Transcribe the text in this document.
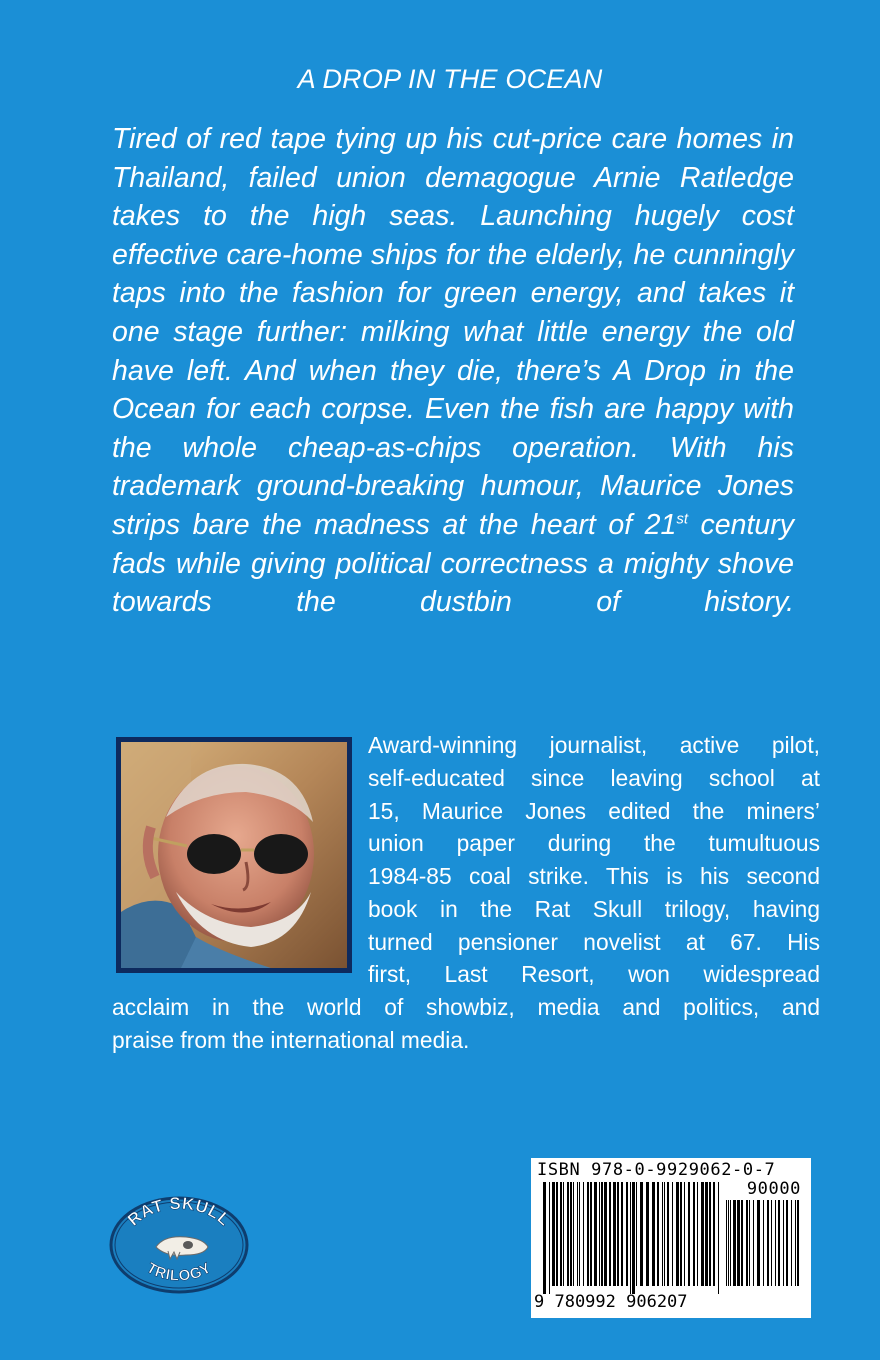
A DROP IN THE OCEAN
Tired of red tape tying up his cut-price care homes in Thailand, failed union demagogue Arnie Ratledge takes to the high seas. Launching hugely cost effective care-home ships for the elderly, he cunningly taps into the fashion for green energy, and takes it one stage further: milking what little energy the old have left. And when they die, there’s A Drop in the Ocean for each corpse. Even the fish are happy with the whole cheap-as-chips operation. With his trademark ground-breaking humour, Maurice Jones strips bare the madness at the heart of 21st century fads while giving political correctness a mighty shove towards the dustbin of history.
Award-winning journalist, active pilot,
self-educated since leaving school at
15, Maurice Jones edited the miners’
union paper during the tumultuous
1984-85 coal strike. This is his second
book in the Rat Skull trilogy, having
turned pensioner novelist at 67. His
first, Last Resort, won widespread
acclaim in the world of showbiz, media and politics, and
praise from the international media.
RAT SKULL
TRILOGY
ISBN 978-0-9929062-0-7
90000
9 780992 906207
